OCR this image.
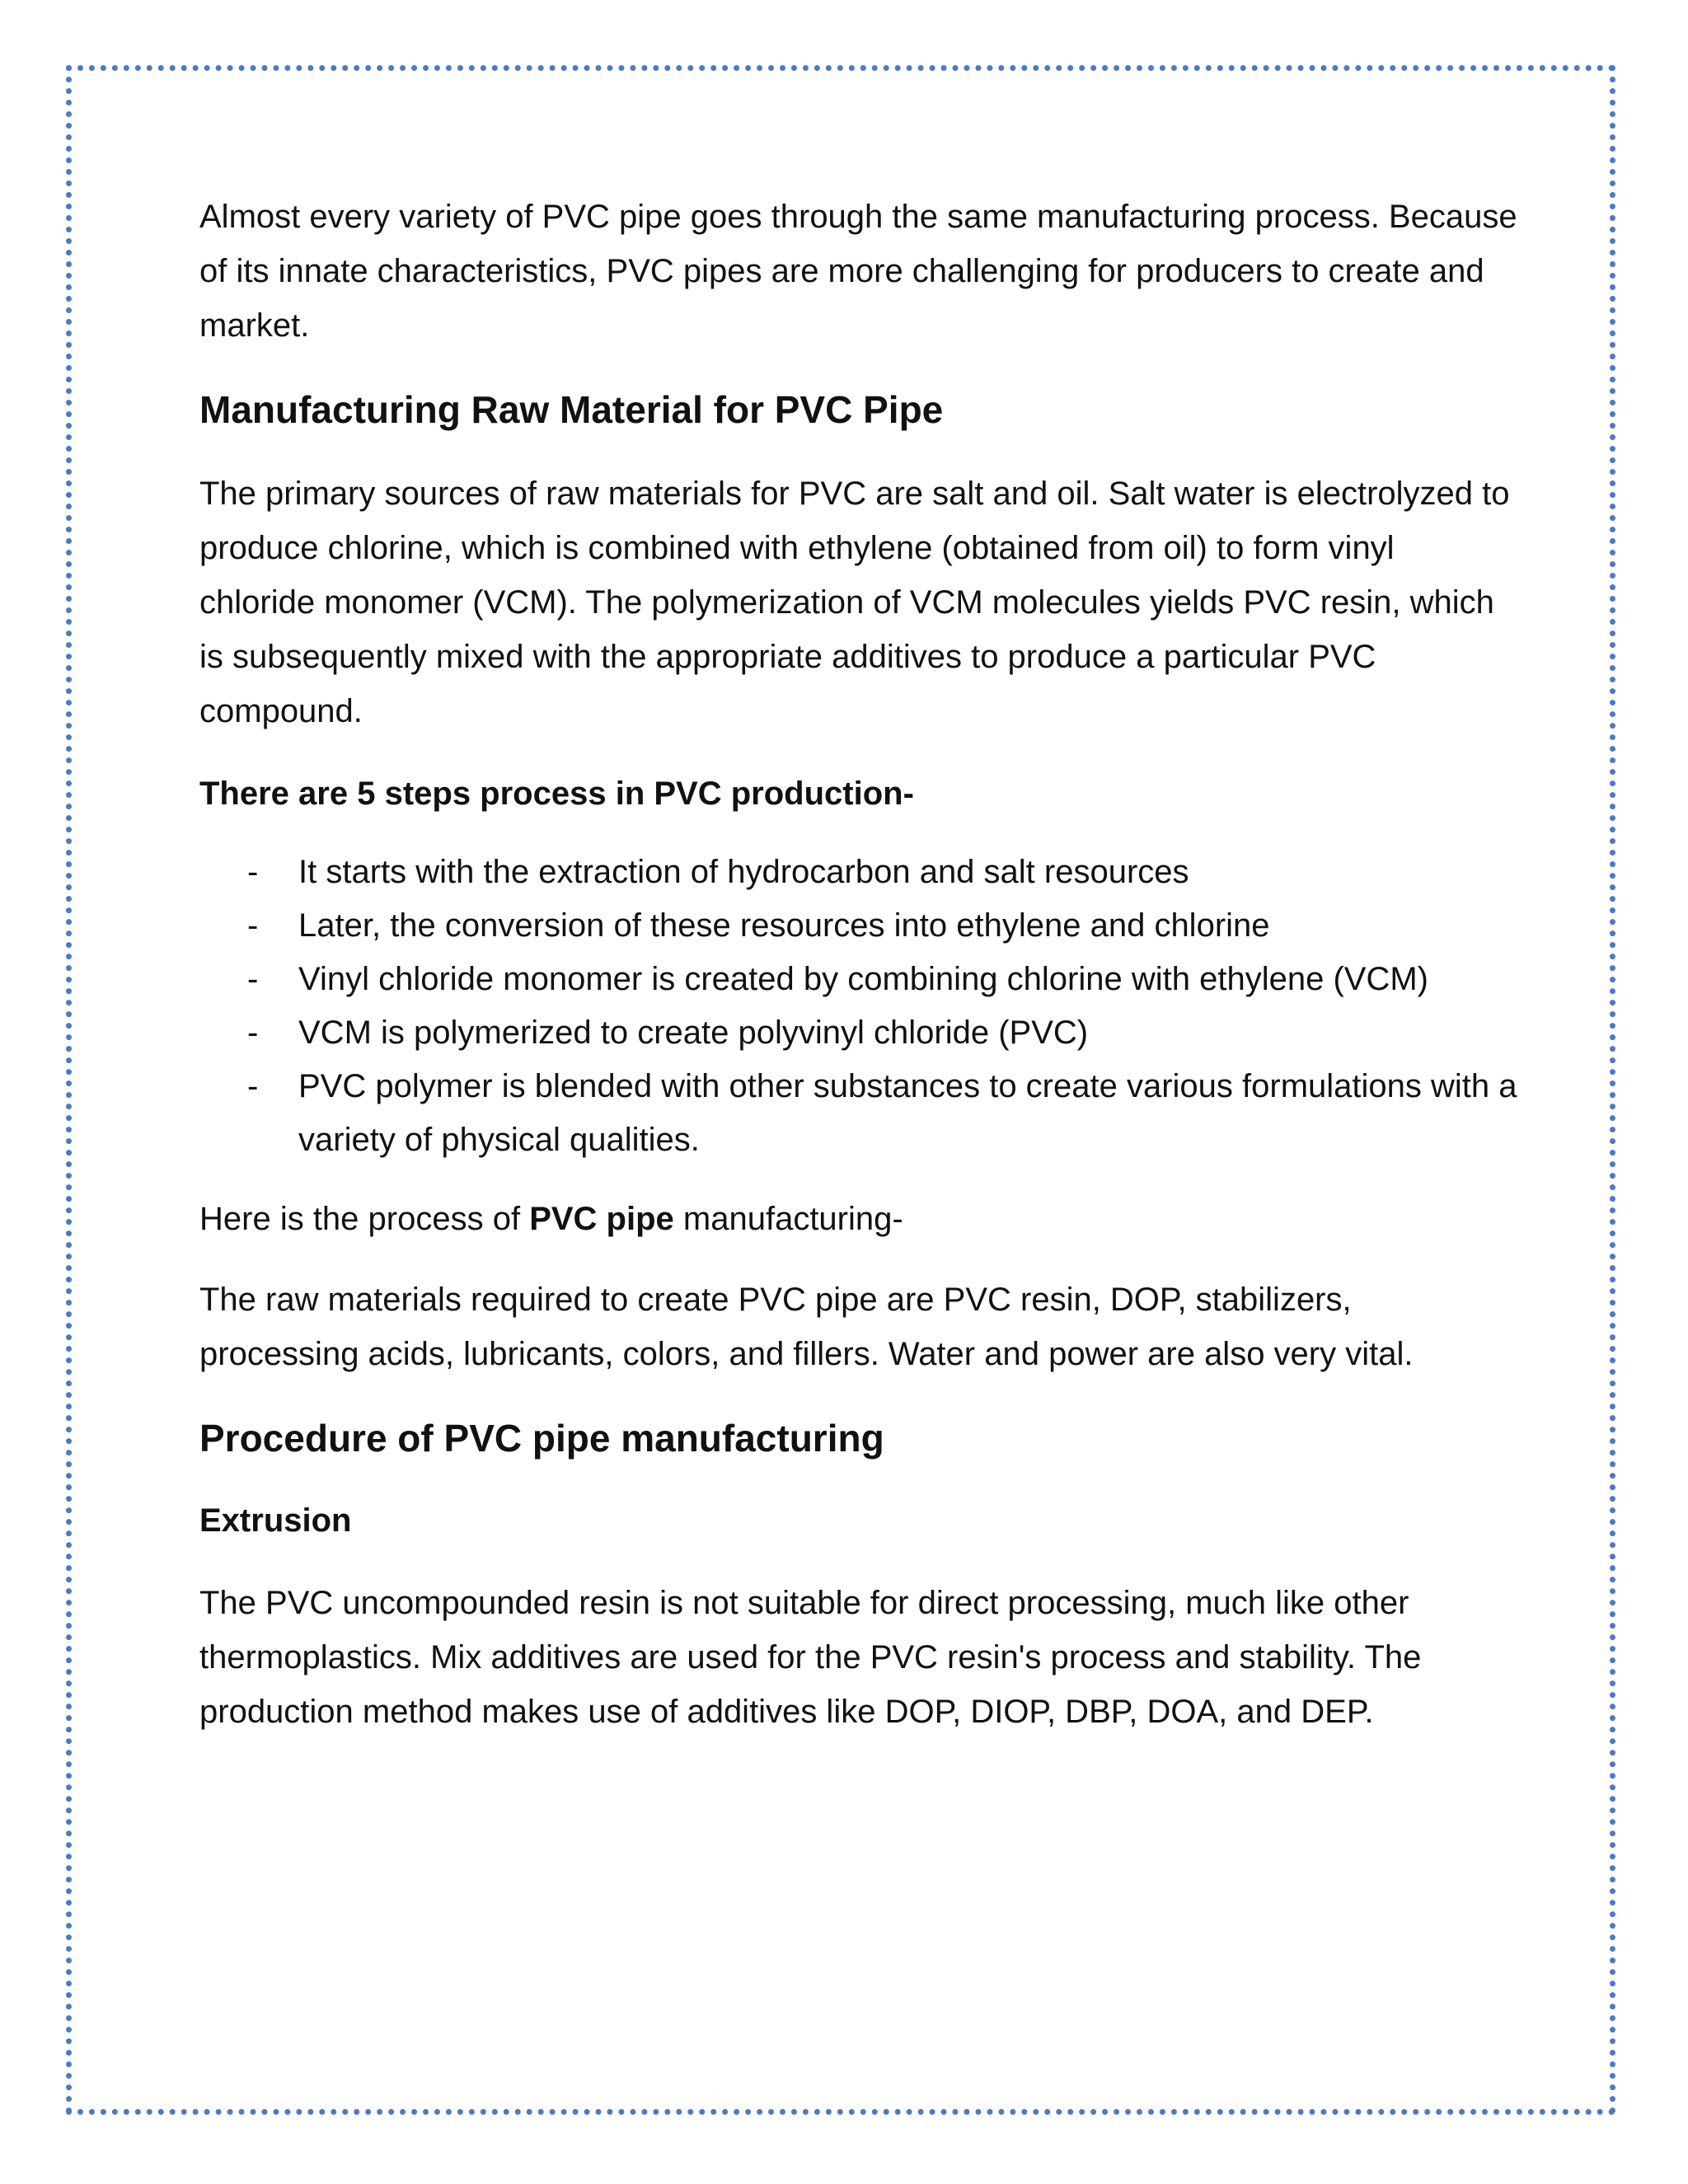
Almost every variety of PVC pipe goes through the same manufacturing process. Because of its innate characteristics, PVC pipes are more challenging for producers to create and market.

Manufacturing Raw Material for PVC Pipe

The primary sources of raw materials for PVC are salt and oil. Salt water is electrolyzed to produce chlorine, which is combined with ethylene (obtained from oil) to form vinyl chloride monomer (VCM). The polymerization of VCM molecules yields PVC resin, which is subsequently mixed with the appropriate additives to produce a particular PVC compound.

There are 5 steps process in PVC production-

- It starts with the extraction of hydrocarbon and salt resources
- Later, the conversion of these resources into ethylene and chlorine
- Vinyl chloride monomer is created by combining chlorine with ethylene (VCM)
- VCM is polymerized to create polyvinyl chloride (PVC)
- PVC polymer is blended with other substances to create various formulations with a variety of physical qualities.

Here is the process of PVC pipe manufacturing-

The raw materials required to create PVC pipe are PVC resin, DOP, stabilizers, processing acids, lubricants, colors, and fillers. Water and power are also very vital.

Procedure of PVC pipe manufacturing

Extrusion

The PVC uncompounded resin is not suitable for direct processing, much like other thermoplastics. Mix additives are used for the PVC resin's process and stability. The production method makes use of additives like DOP, DIOP, DBP, DOA, and DEP.
